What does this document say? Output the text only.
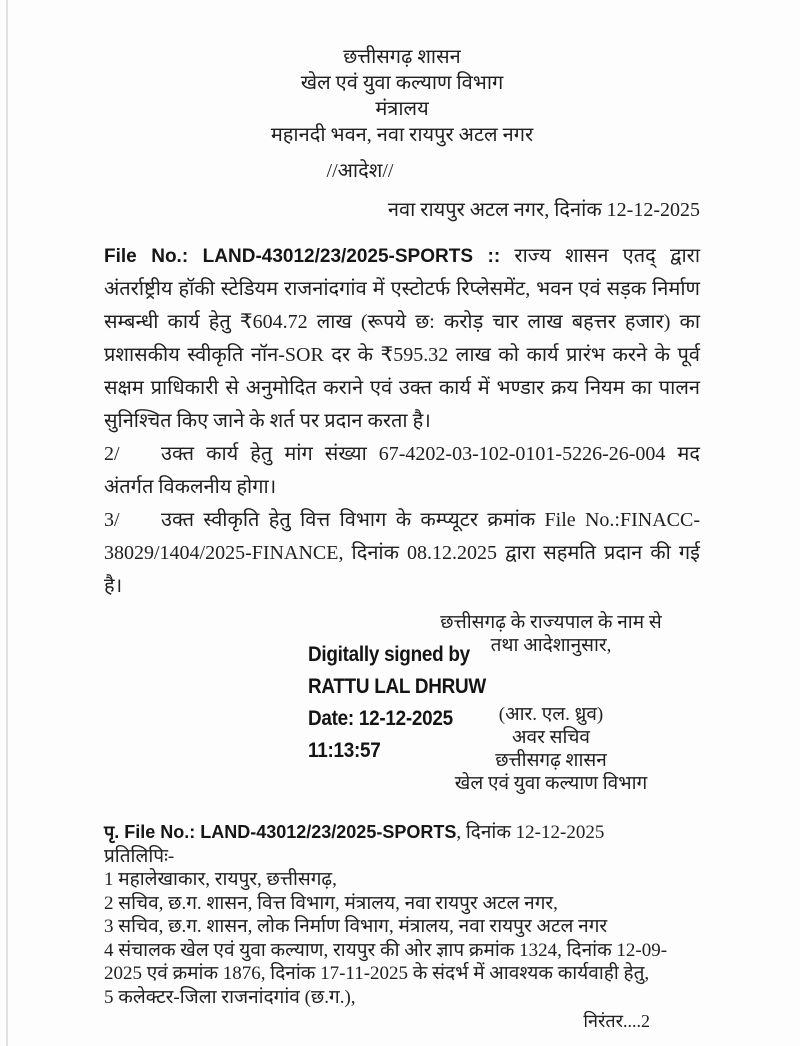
छत्तीसगढ़ शासन
खेल एवं युवा कल्याण विभाग
मंत्रालय
महानदी भवन, नवा रायपुर अटल नगर
//आदेश//
नवा रायपुर अटल नगर, दिनांक 12-12-2025

File No.: LAND-43012/23/2025-SPORTS :: राज्य शासन एतद् द्वारा अंतर्राष्ट्रीय हॉकी स्टेडियम राजनांदगांव में एस्टोटर्फ रिप्लेसमेंट, भवन एवं सड़क निर्माण सम्बन्धी कार्य हेतु ₹604.72 लाख (रूपये छ: करोड़ चार लाख बहत्तर हजार) का प्रशासकीय स्वीकृति नॉन-SOR दर के ₹595.32 लाख को कार्य प्रारंभ करने के पूर्व सक्षम प्राधिकारी से अनुमोदित कराने एवं उक्त कार्य में भण्डार क्रय नियम का पालन सुनिश्चित किए जाने के शर्त पर प्रदान करता है।

2/ उक्त कार्य हेतु मांग संख्या 67-4202-03-102-0101-5226-26-004 मद अंतर्गत विकलनीय होगा।

3/ उक्त स्वीकृति हेतु वित्त विभाग के कम्प्यूटर क्रमांक File No.:FINACC-38029/1404/2025-FINANCE, दिनांक 08.12.2025 द्वारा सहमति प्रदान की गई है।

Digitally signed by
RATTU LAL DHRUW
Date: 12-12-2025
11:13:57
छत्तीसगढ़ के राज्यपाल के नाम से
तथा आदेशानुसार,
(आर. एल. ध्रुव)
अवर सचिव
छत्तीसगढ़ शासन
खेल एवं युवा कल्याण विभाग

पृ. File No.: LAND-43012/23/2025-SPORTS, दिनांक 12-12-2025

प्रतिलिपिः-

1 महालेखाकार, रायपुर, छत्तीसगढ़,

2 सचिव, छ.ग. शासन, वित्त विभाग, मंत्रालय, नवा रायपुर अटल नगर,

3 सचिव, छ.ग. शासन, लोक निर्माण विभाग, मंत्रालय, नवा रायपुर अटल नगर

4 संचालक खेल एवं युवा कल्याण, रायपुर की ओर ज्ञाप क्रमांक 1324, दिनांक 12-09-2025 एवं क्रमांक 1876, दिनांक 17-11-2025 के संदर्भ में आवश्यक कार्यवाही हेतु,

5 कलेक्टर-जिला राजनांदगांव (छ.ग.),

निरंतर....2
